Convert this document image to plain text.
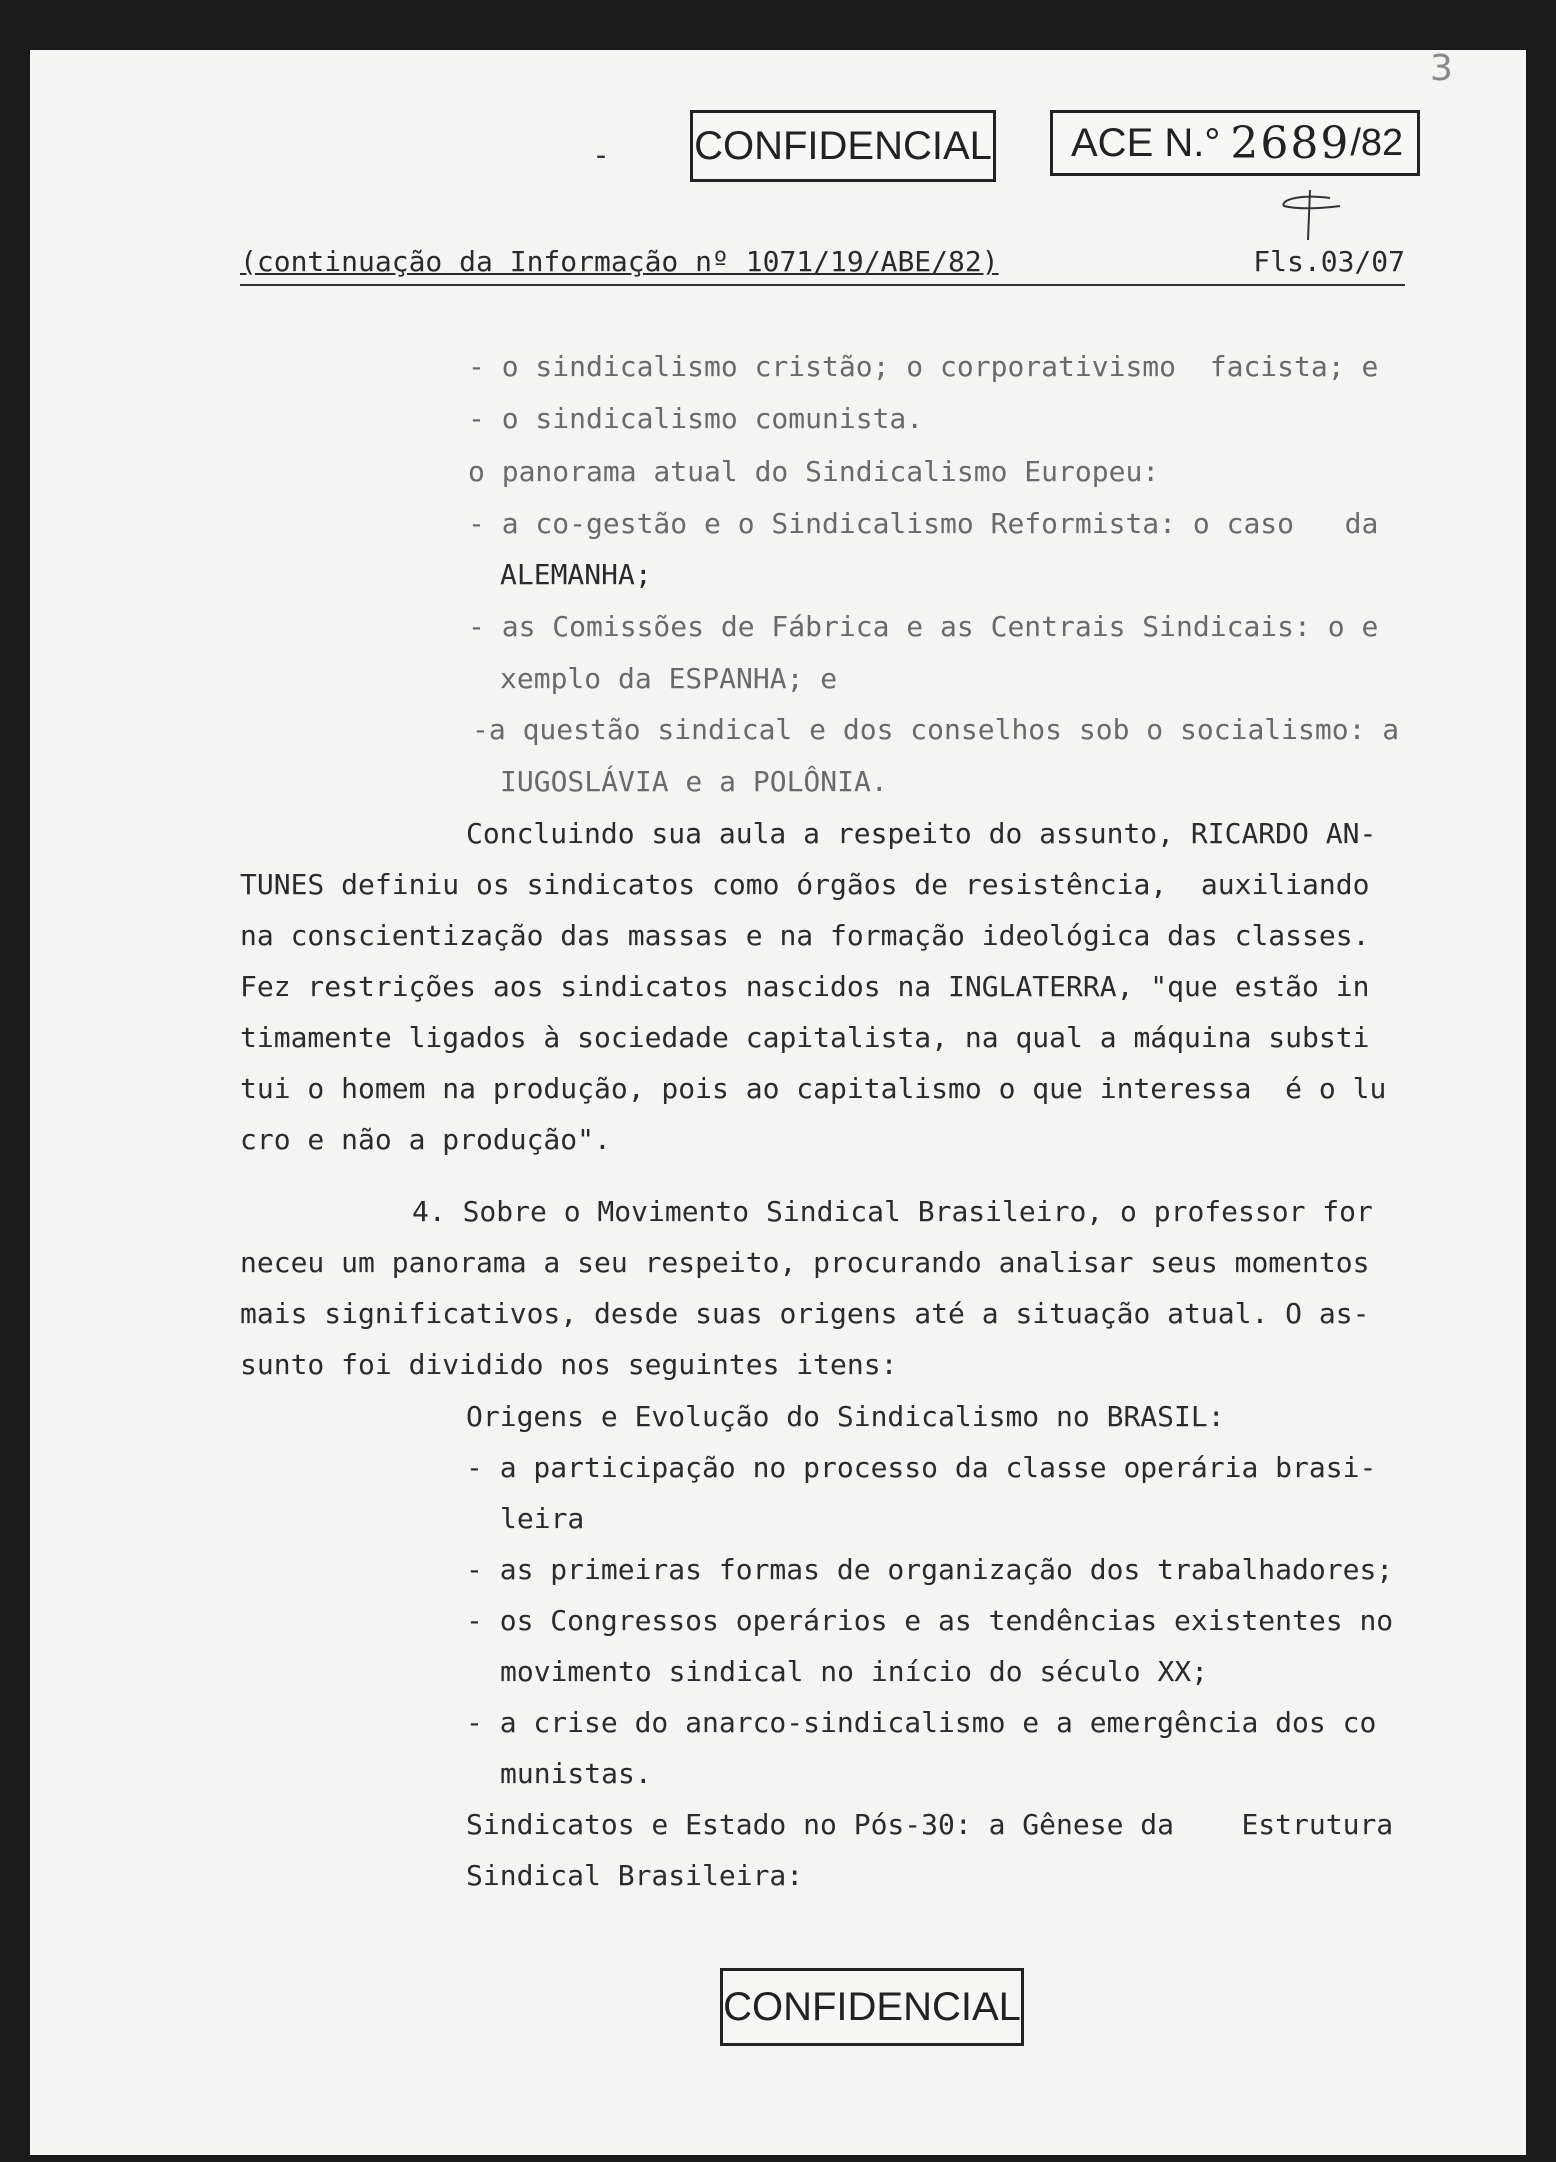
3
- CONFIDENCIAL ACE N.° 2689 /82
(continuação da Informação nº 1071/19/ABE/82)	Fls.03/07
- o sindicalismo cristão; o corporativismo  facista; e
- o sindicalismo comunista.
o panorama atual do Sindicalismo Europeu:
- a co-gestão e o Sindicalismo Reformista: o caso   da
ALEMANHA;
- as Comissões de Fábrica e as Centrais Sindicais: o e
xemplo da ESPANHA; e
-a questão sindical e dos conselhos sob o socialismo: a
IUGOSLÁVIA e a POLÔNIA.
Concluindo sua aula a respeito do assunto, RICARDO AN-
TUNES definiu os sindicatos como órgãos de resistência,  auxiliando
na conscientização das massas e na formação ideológica das classes.
Fez restrições aos sindicatos nascidos na INGLATERRA, "que estão in
timamente ligados à sociedade capitalista, na qual a máquina substi
tui o homem na produção, pois ao capitalismo o que interessa  é o lu
cro e não a produção".
4. Sobre o Movimento Sindical Brasileiro, o professor for
neceu um panorama a seu respeito, procurando analisar seus momentos
mais significativos, desde suas origens até a situação atual. O as-
sunto foi dividido nos seguintes itens:
Origens e Evolução do Sindicalismo no BRASIL:
- a participação no processo da classe operária brasi-
leira
- as primeiras formas de organização dos trabalhadores;
- os Congressos operários e as tendências existentes no
movimento sindical no início do século XX;
- a crise do anarco-sindicalismo e a emergência dos co
munistas.
Sindicatos e Estado no Pós-30: a Gênese da    Estrutura
Sindical Brasileira:
CONFIDENCIAL
